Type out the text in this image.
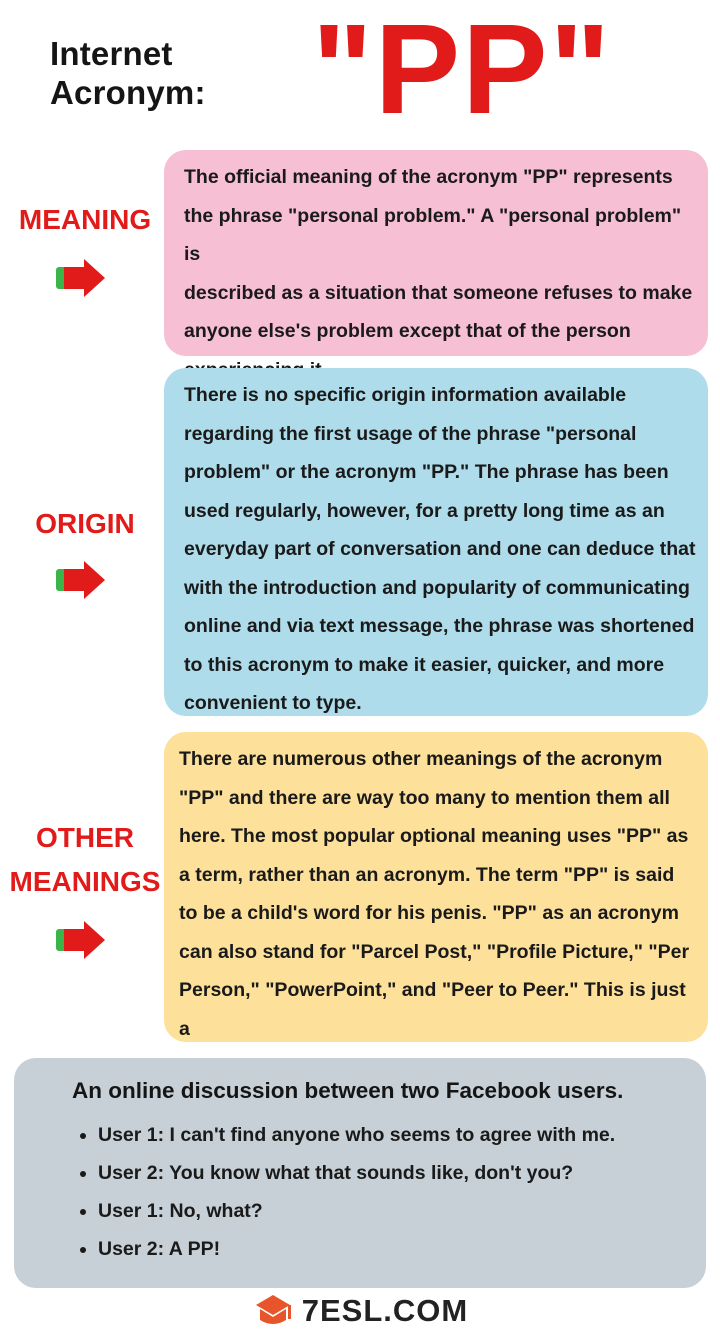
Internet
Acronym: "PP"
MEANING
The official meaning of the acronym "PP" represents
the phrase "personal problem." A "personal problem" is
described as a situation that someone refuses to make
anyone else's problem except that of the person
ORIGIN
There is no specific origin information available
regarding the first usage of the phrase "personal
problem" or the acronym "PP." The phrase has been
used regularly, however, for a pretty long time as an
everyday part of conversation and one can deduce that
with the introduction and popularity of communicating
online and via text message, the phrase was shortened
to this acronym to make it easier, quicker, and more
convenient to type.
OTHER
MEANINGS
There are numerous other meanings of the acronym
"PP" and there are way too many to mention them all
here. The most popular optional meaning uses "PP" as
a term, rather than an acronym. The term "PP" is said
to be a child's word for his penis. "PP" as an acronym
can also stand for "Parcel Post," "Profile Picture," "Per
Person," "PowerPoint," and "Peer to Peer." This is just a
An online discussion between two Facebook users.
• User 1: I can't find anyone who seems to agree with me.
• User 2: You know what that sounds like, don't you?
• User 1: No, what?
• User 2: A PP!
7ESL.COM
